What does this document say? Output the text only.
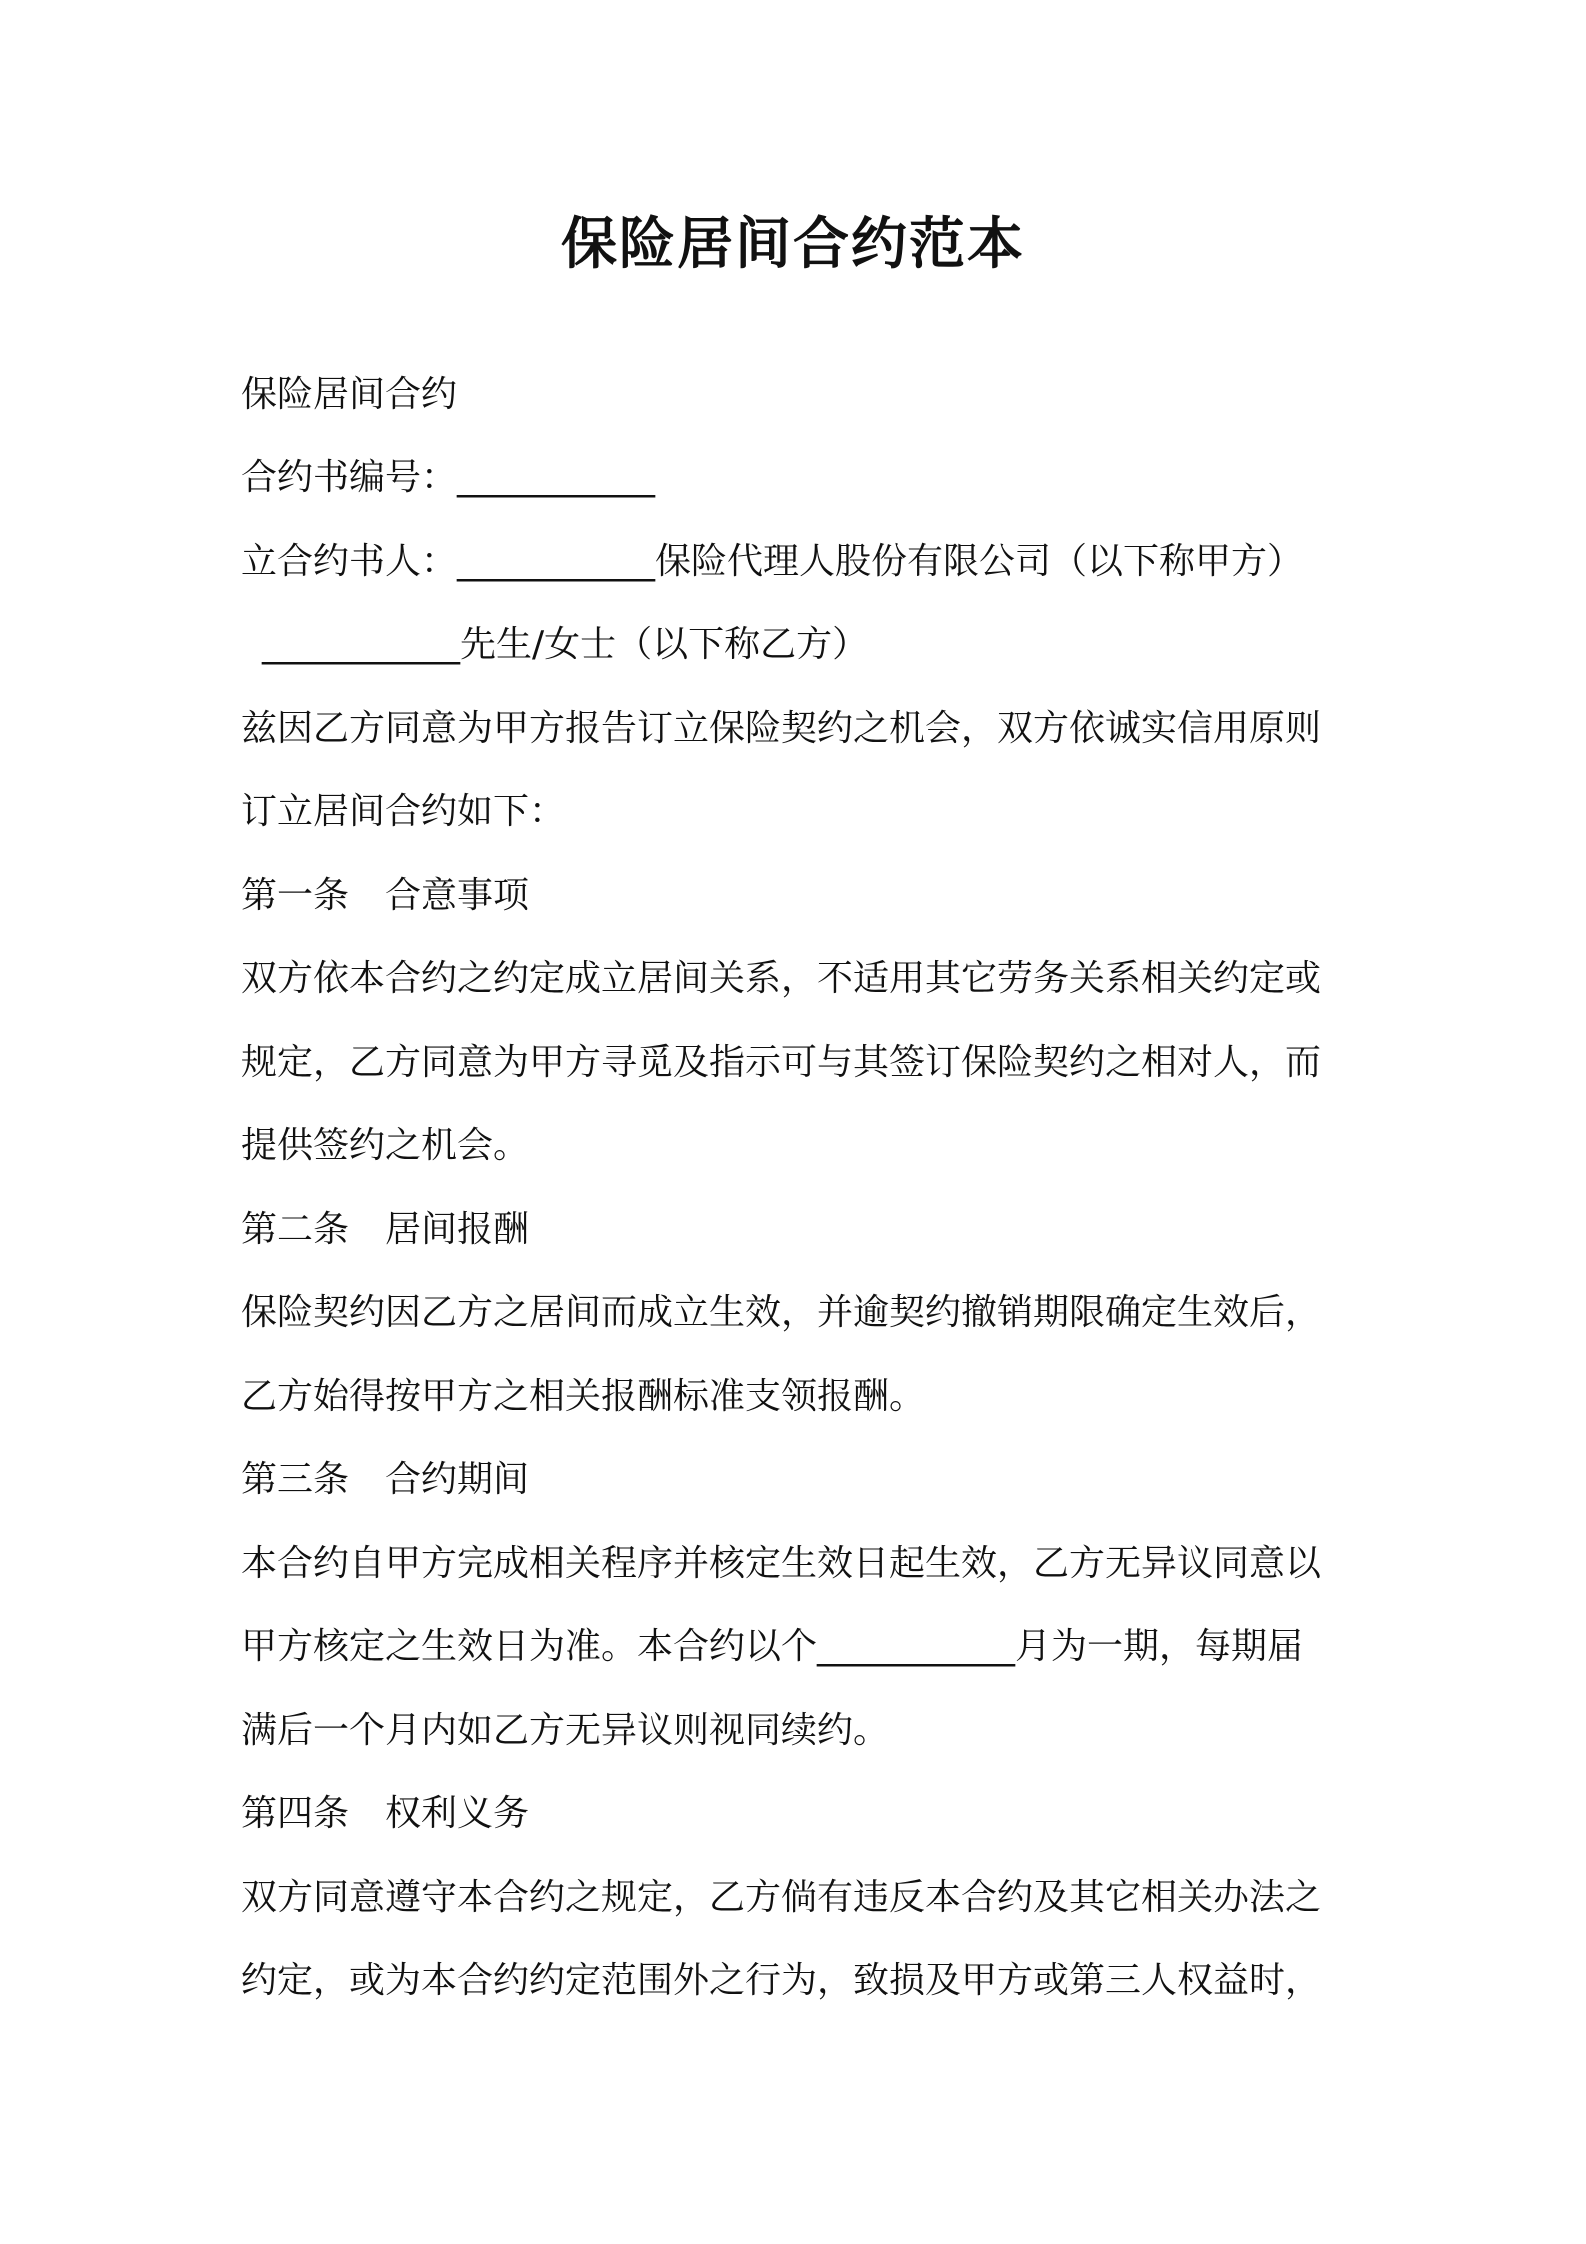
保险居间合约范本
保险居间合约
合约书编号：___________
立合约书人：___________保险代理人股份有限公司（以下称甲方）
___________先生/女士（以下称乙方）
兹因乙方同意为甲方报告订立保险契约之机会，双方依诚实信用原则
订立居间合约如下：
第一条　合意事项
双方依本合约之约定成立居间关系，不适用其它劳务关系相关约定或
规定，乙方同意为甲方寻觅及指示可与其签订保险契约之相对人，而
提供签约之机会。
第二条　居间报酬
保险契约因乙方之居间而成立生效，并逾契约撤销期限确定生效后，
乙方始得按甲方之相关报酬标准支领报酬。
第三条　合约期间
本合约自甲方完成相关程序并核定生效日起生效，乙方无异议同意以
甲方核定之生效日为准。本合约以个___________月为一期，每期届
满后一个月内如乙方无异议则视同续约。
第四条　权利义务
双方同意遵守本合约之规定，乙方倘有违反本合约及其它相关办法之
约定，或为本合约约定范围外之行为，致损及甲方或第三人权益时，
